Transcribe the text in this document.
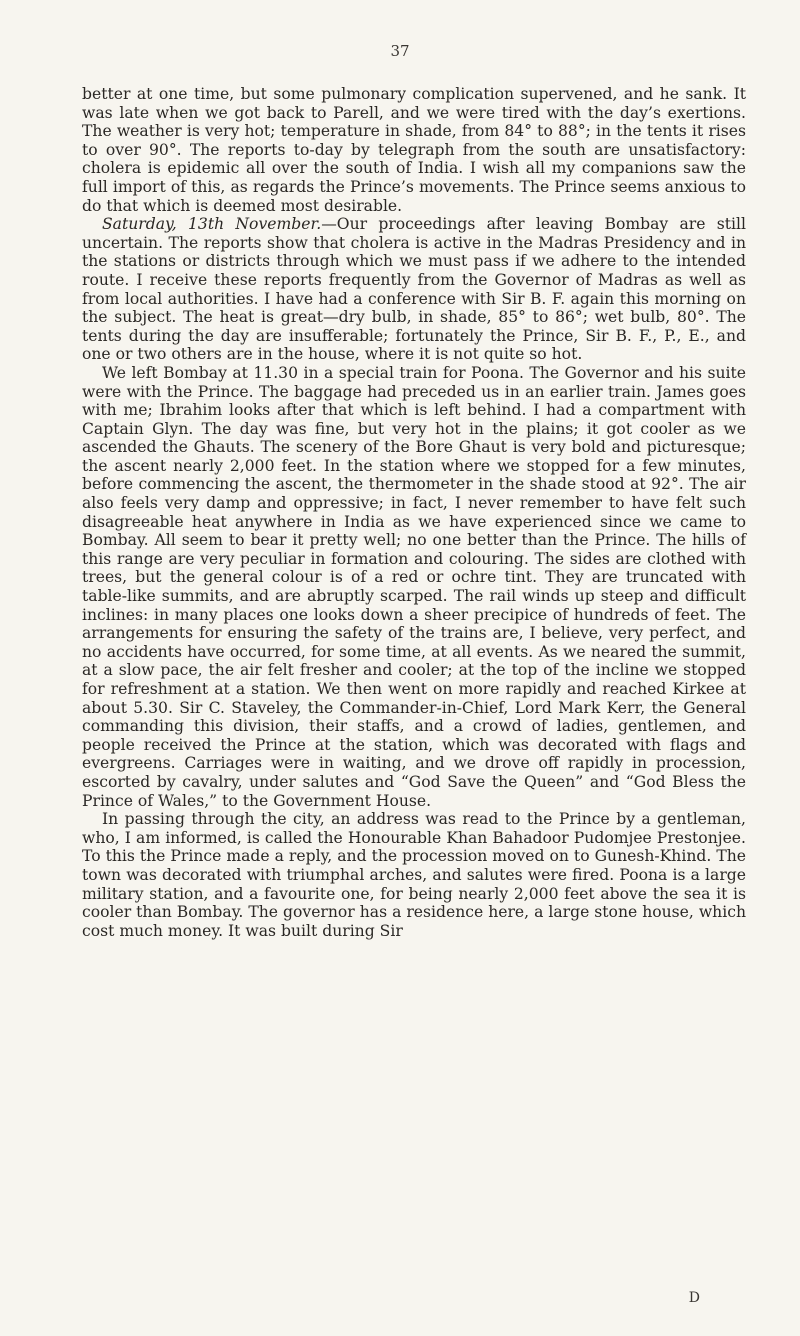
37

better at one time, but some pulmonary complication supervened, and he sank. It was late when we got back to Parell, and we were tired with the day’s exertions. The weather is very hot; temperature in shade, from 84° to 88°; in the tents it rises to over 90°. The reports to-day by telegraph from the south are unsatisfactory: cholera is epidemic all over the south of India. I wish all my companions saw the full import of this, as regards the Prince’s movements. The Prince seems anxious to do that which is deemed most desirable.

Saturday, 13th November.—Our proceedings after leaving Bombay are still uncertain. The reports show that cholera is active in the Madras Presidency and in the stations or districts through which we must pass if we adhere to the intended route. I receive these reports frequently from the Governor of Madras as well as from local authorities. I have had a conference with Sir B. F. again this morning on the subject. The heat is great—dry bulb, in shade, 85° to 86°; wet bulb, 80°. The tents during the day are insufferable; fortunately the Prince, Sir B. F., P., E., and one or two others are in the house, where it is not quite so hot.

We left Bombay at 11.30 in a special train for Poona. The Governor and his suite were with the Prince. The baggage had preceded us in an earlier train. James goes with me; Ibrahim looks after that which is left behind. I had a compartment with Captain Glyn. The day was fine, but very hot in the plains; it got cooler as we ascended the Ghauts. The scenery of the Bore Ghaut is very bold and picturesque; the ascent nearly 2,000 feet. In the station where we stopped for a few minutes, before commencing the ascent, the thermometer in the shade stood at 92°. The air also feels very damp and oppressive; in fact, I never remember to have felt such disagreeable heat anywhere in India as we have experienced since we came to Bombay. All seem to bear it pretty well; no one better than the Prince. The hills of this range are very peculiar in formation and colouring. The sides are clothed with trees, but the general colour is of a red or ochre tint. They are truncated with table-like summits, and are abruptly scarped. The rail winds up steep and difficult inclines: in many places one looks down a sheer precipice of hundreds of feet. The arrangements for ensuring the safety of the trains are, I believe, very perfect, and no accidents have occurred, for some time, at all events. As we neared the summit, at a slow pace, the air felt fresher and cooler; at the top of the incline we stopped for refreshment at a station. We then went on more rapidly and reached Kirkee at about 5.30. Sir C. Staveley, the Commander-in-Chief, Lord Mark Kerr, the General commanding this division, their staffs, and a crowd of ladies, gentlemen, and people received the Prince at the station, which was decorated with flags and evergreens. Carriages were in waiting, and we drove off rapidly in procession, escorted by cavalry, under salutes and “God Save the Queen” and “God Bless the Prince of Wales,” to the Government House.

In passing through the city, an address was read to the Prince by a gentleman, who, I am informed, is called the Honourable Khan Bahadoor Pudomjee Prestonjee. To this the Prince made a reply, and the procession moved on to Gunesh-Khind. The town was decorated with triumphal arches, and salutes were fired. Poona is a large military station, and a favourite one, for being nearly 2,000 feet above the sea it is cooler than Bombay. The governor has a residence here, a large stone house, which cost much money. It was built during Sir

D
